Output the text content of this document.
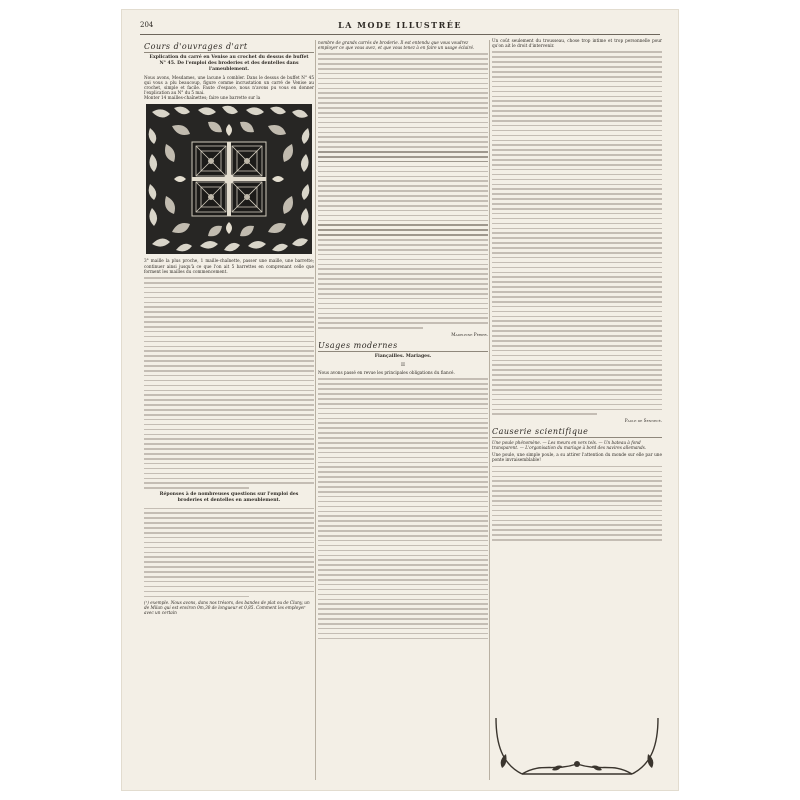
204	LA MODE ILLUSTRÉE
Cours d'ouvrages d'art
Explication du carré en Venise au crochet du dessus de buffet N° 45. De l'emploi des broderies et des dentelles dans l'ameublement.

Nous avons, Mesdames, une lacune à combler. Dans le dessus de buffet N° 45 qui vous a plu beaucoup, figure comme incrustation un carré de Venise au crochet, simple et facile. Faute d'espace, nous n'avons pu vous en donner l'explication au N° du 5 mai.

Monter 14 mailles-chaînettes; faire une barrette sur la

3° maille la plus proche, 1 maille-chaînette, passer une maille, une barrette; continuer ainsi jusqu'à ce que l'on ait 5 barrettes en comprenant celle que forment les mailles du commencement.

Réponses à de nombreuses questions sur l'emploi des broderies et dentelles en ameublement.

(¹) exemple. Nous avons, dans nos trésors, des bandes de plat ou de Cluny, un de Milan qui est environ 0m,30 de longueur et 0,85. Comment les employer avec un certain

nombre de grands carrés de broderie. Il est entendu que vous voudrez employer ce que vous avez, et que vous tenez à en faire un usage éclairé.

Madeleine Périer.
Usages modernes
Fiançailles. Mariages.
II

Nous avons passé en revue les principales obligations du fiancé.

Un coût seulement du trousseau, chose trop intime et trop personnelle pour qu'on ait le droit d'intervenir.

Paule de Sennecé.
Causerie scientifique

Une poule phénomène. — Les meurs en vers tels. — Un bateau à fond transparent. — L'organisation du mariage à bord des navires allemands.

Une poule, une simple poule, a su attirer l'attention du monde sur elle par une ponte invraisemblable!
